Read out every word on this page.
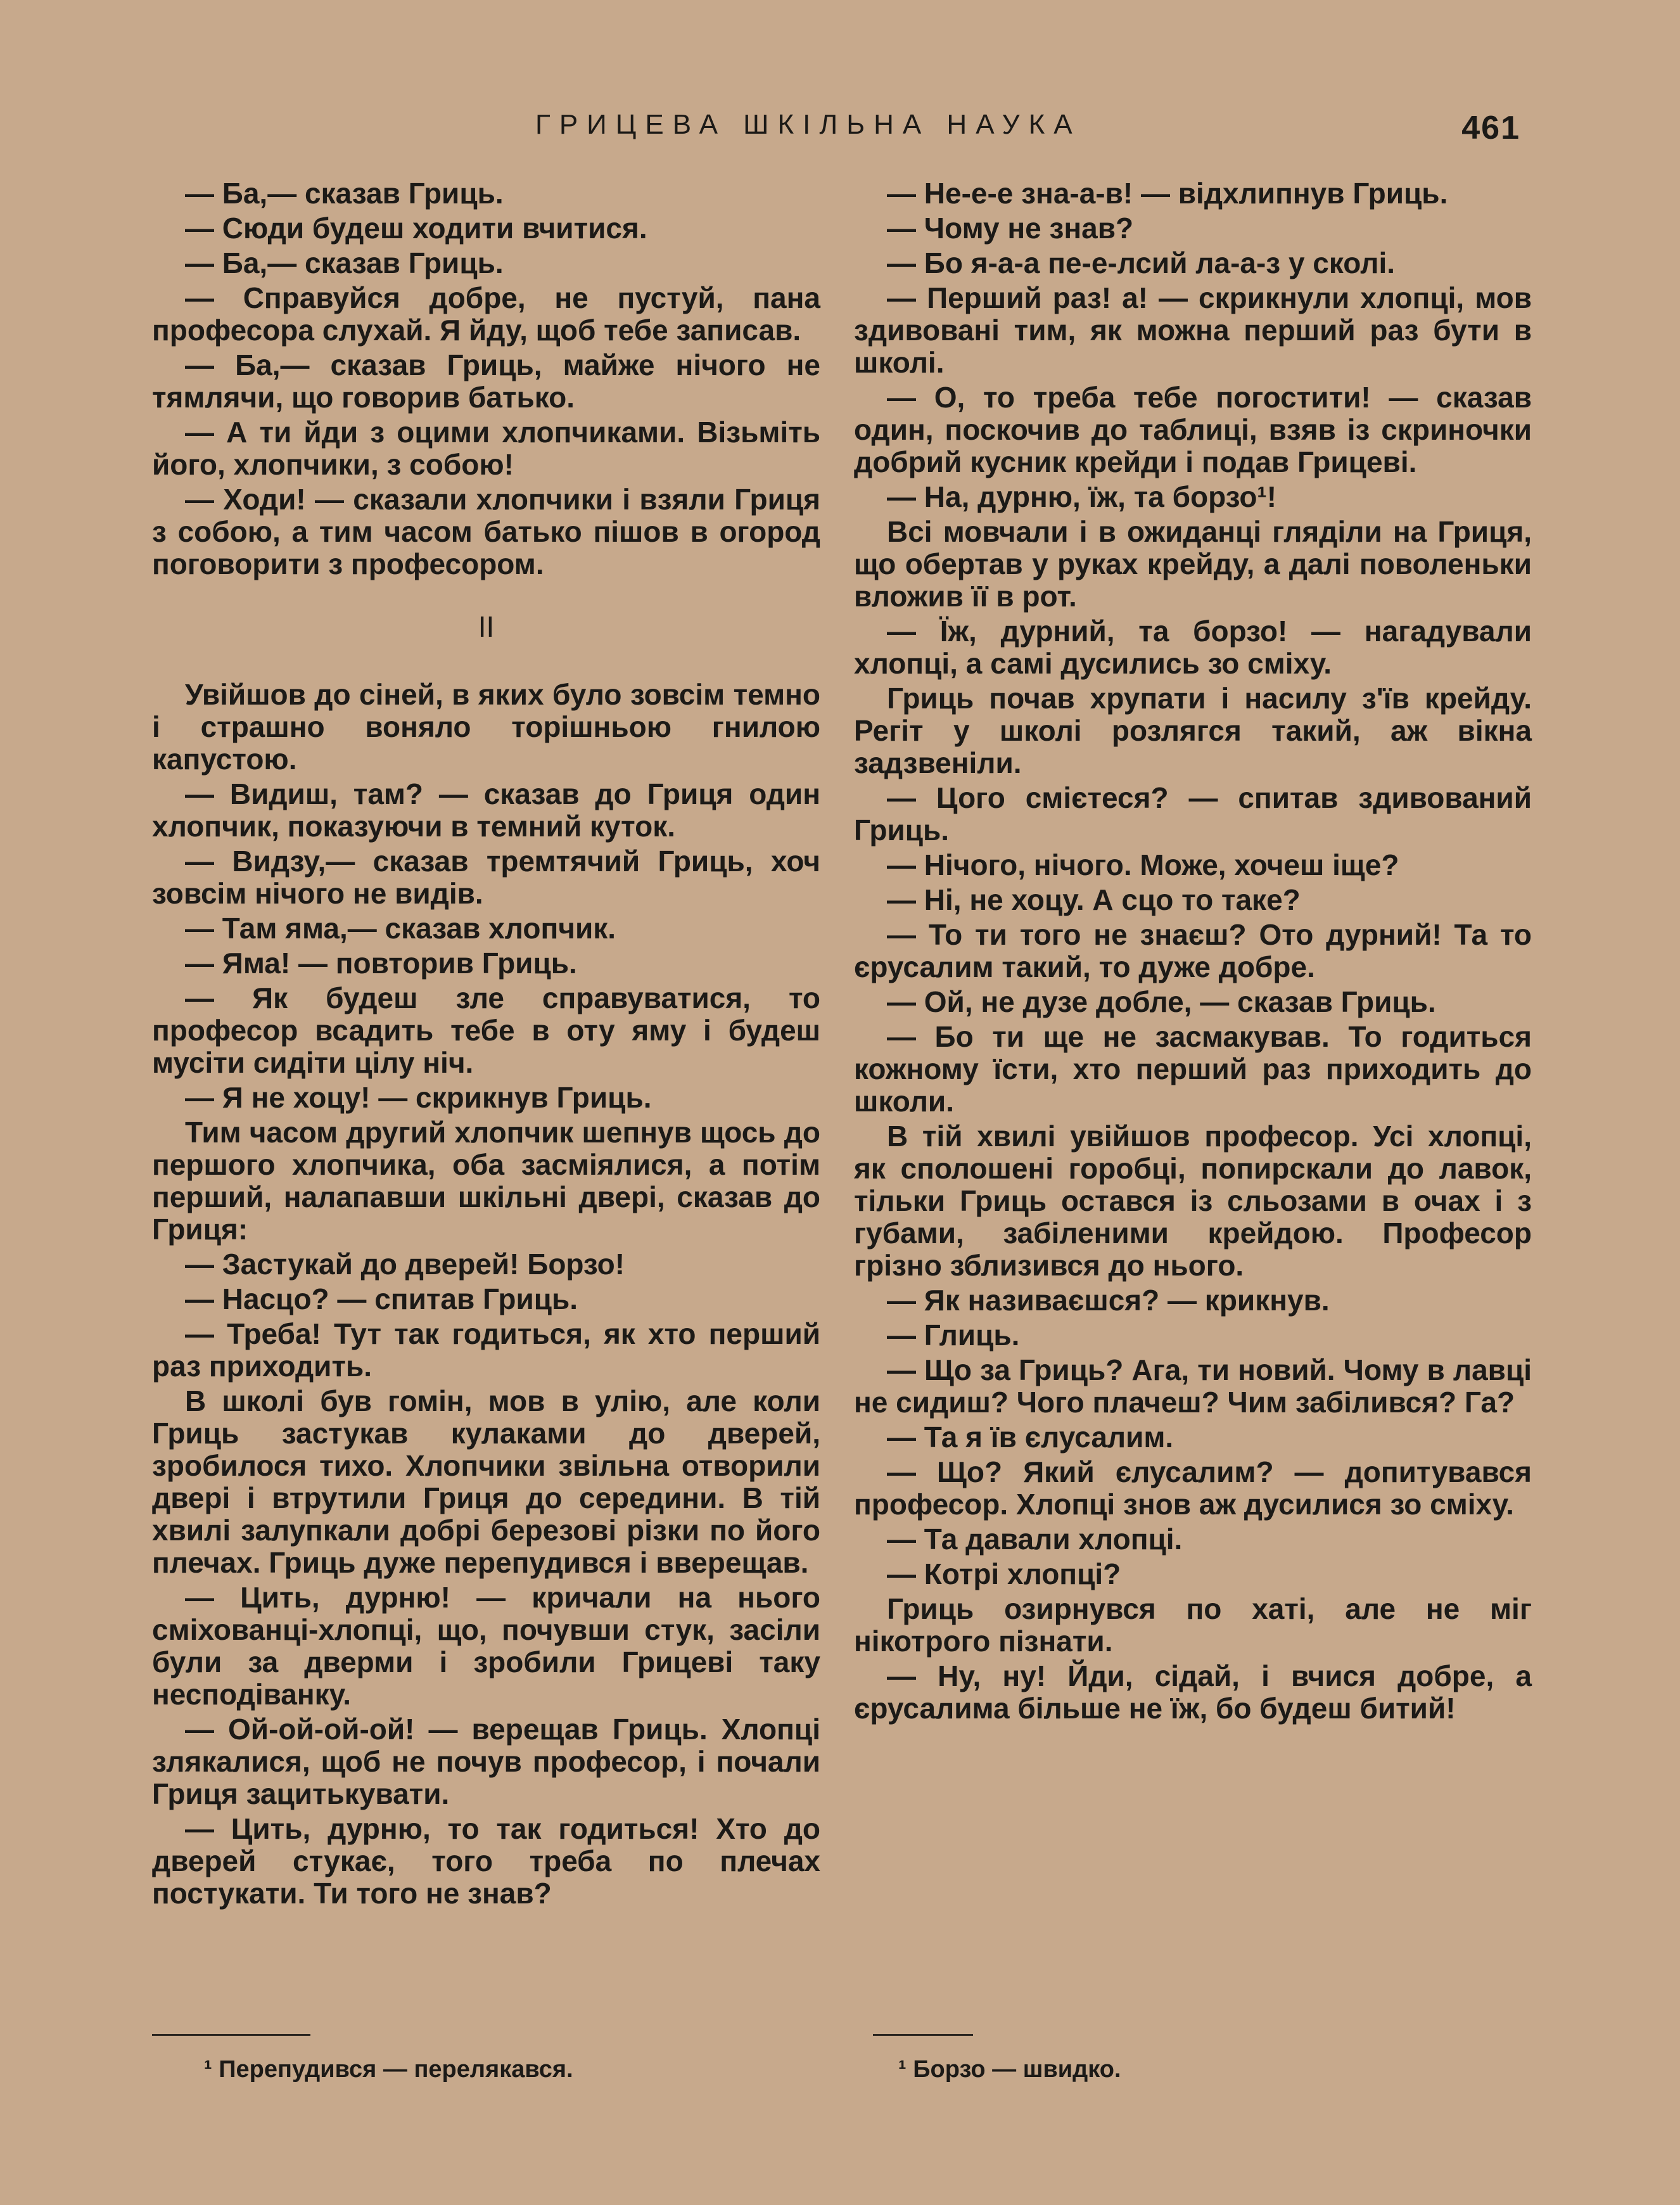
ГРИЦЕВА ШКІЛЬНА НАУКА	461

— Ба,— сказав Гриць.

— Сюди будеш ходити вчитися.

— Ба,— сказав Гриць.

— Справуйся добре, не пустуй, пана професора слухай. Я йду, щоб тебе записав.

— Ба,— сказав Гриць, майже нічого не тямлячи, що говорив батько.

— А ти йди з оцими хлопчиками. Візьміть його, хлопчики, з собою!

— Ходи! — сказали хлопчики і взяли Гриця з собою, а тим часом батько пішов в огород поговорити з професором.

II

Увійшов до сіней, в яких було зовсім темно і страшно воняло торішньою гнилою капустою.

— Видиш, там? — сказав до Гриця один хлопчик, показуючи в темний куток.

— Видзу,— сказав тремтячий Гриць, хоч зовсім нічого не видів.

— Там яма,— сказав хлопчик.

— Яма! — повторив Гриць.

— Як будеш зле справуватися, то професор всадить тебе в оту яму і будеш мусіти сидіти цілу ніч.

— Я не хоцу! — скрикнув Гриць.

Тим часом другий хлопчик шепнув щось до першого хлопчика, оба засміялися, а потім перший, налапавши шкільні двері, сказав до Гриця:

— Застукай до дверей! Борзо!

— Насцо? — спитав Гриць.

— Треба! Тут так годиться, як хто перший раз приходить.

В школі був гомін, мов в улію, але коли Гриць застукав кулаками до дверей, зробилося тихо. Хлопчики звільна отворили двері і втрутили Гриця до середини. В тій хвилі залупкали добрі березові різки по його плечах. Гриць дуже перепудився і вверещав.

— Цить, дурню! — кричали на нього сміхованці-хлопці, що, почувши стук, засіли були за дверми і зробили Грицеві таку несподіванку.

— Ой-ой-ой-ой! — верещав Гриць. Хлопці злякалися, щоб не почув професор, і почали Гриця зацитькувати.

— Цить, дурню, то так годиться! Хто до дверей стукає, того треба по плечах постукати. Ти того не знав?

— Не-е-е зна-а-в! — відхлипнув Гриць.

— Чому не знав?

— Бо я-а-а пе-е-лсий ла-а-з у сколі.

— Перший раз! а! — скрикнули хлопці, мов здивовані тим, як можна перший раз бути в школі.

— О, то треба тебе погостити! — сказав один, поскочив до таблиці, взяв із скриночки добрий кусник крейди і подав Грицеві.

— На, дурню, їж, та борзо¹!

Всі мовчали і в ожиданці гляділи на Гриця, що обертав у руках крейду, а далі поволеньки вложив її в рот.

— Їж, дурний, та борзо! — нагадували хлопці, а самі дусились зо сміху.

Гриць почав хрупати і насилу з'їв крейду. Регіт у школі розлягся такий, аж вікна задзвеніли.

— Цого смієтеся? — спитав здивований Гриць.

— Нічого, нічого. Може, хочеш іще?

— Ні, не хоцу. А сцо то таке?

— То ти того не знаєш? Ото дурний! Та то єрусалим такий, то дуже добре.

— Ой, не дузе добле, — сказав Гриць.

— Бо ти ще не засмакував. То годиться кожному їсти, хто перший раз приходить до школи.

В тій хвилі увійшов професор. Усі хлопці, як сполошені горобці, попирскали до лавок, тільки Гриць остався із сльозами в очах і з губами, забіленими крейдою. Професор грізно зблизився до нього.

— Як називаєшся? — крикнув.

— Глиць.

— Що за Гриць? Ага, ти новий. Чому в лавці не сидиш? Чого плачеш? Чим забілився? Га?

— Та я їв єлусалим.

— Що? Який єлусалим? — допитувався професор. Хлопці знов аж дусилися зо сміху.

— Та давали хлопці.

— Котрі хлопці?

Гриць озирнувся по хаті, але не міг нікотрого пізнати.

— Ну, ну! Йди, сідай, і вчися добре, а єрусалима більше не їж, бо будеш битий!

¹ Перепудився — перелякався.	¹ Борзо — швидко.
